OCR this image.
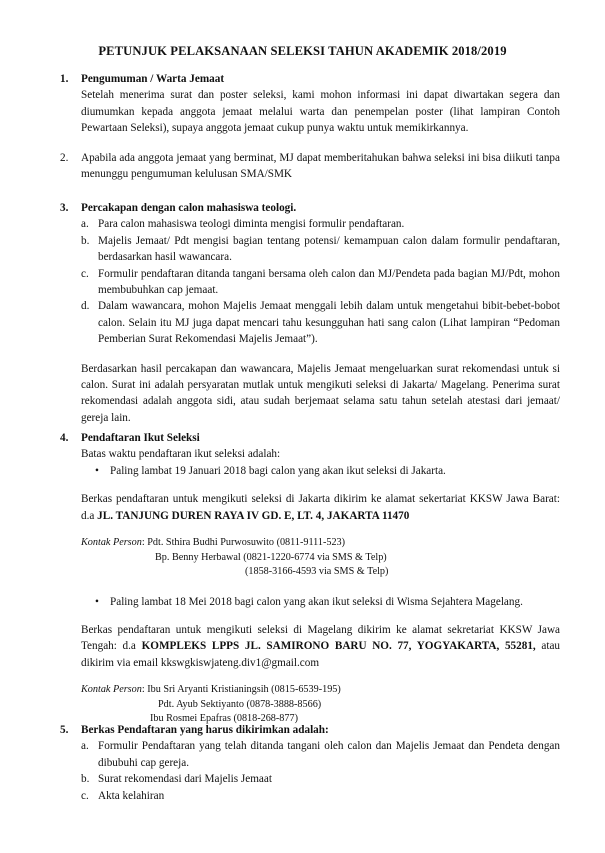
PETUNJUK PELAKSANAAN SELEKSI TAHUN AKADEMIK 2018/2019
1. Pengumuman / Warta Jemaat
Setelah menerima surat dan poster seleksi, kami mohon informasi ini dapat diwartakan segera dan diumumkan kepada anggota jemaat melalui warta dan penempelan poster (lihat lampiran Contoh Pewartaan Seleksi), supaya anggota jemaat cukup punya waktu untuk memikirkannya.
2. Apabila ada anggota jemaat yang berminat, MJ dapat memberitahukan bahwa seleksi ini bisa diikuti tanpa menunggu pengumuman kelulusan SMA/SMK
3. Percakapan dengan calon mahasiswa teologi.
a. Para calon mahasiswa teologi diminta mengisi formulir pendaftaran.
b. Majelis Jemaat/ Pdt mengisi bagian tentang potensi/ kemampuan calon dalam formulir pendaftaran, berdasarkan hasil wawancara.
c. Formulir pendaftaran ditanda tangani bersama oleh calon dan MJ/Pendeta pada bagian MJ/Pdt, mohon membubuhkan cap jemaat.
d. Dalam wawancara, mohon Majelis Jemaat menggali lebih dalam untuk mengetahui bibit-bebet-bobot calon. Selain itu MJ juga dapat mencari tahu kesungguhan hati sang calon (Lihat lampiran “Pedoman Pemberian Surat Rekomendasi Majelis Jemaat”).
Berdasarkan hasil percakapan dan wawancara, Majelis Jemaat mengeluarkan surat rekomendasi untuk si calon. Surat ini adalah persyaratan mutlak untuk mengikuti seleksi di Jakarta/ Magelang. Penerima surat rekomendasi adalah anggota sidi, atau sudah berjemaat selama satu tahun setelah atestasi dari jemaat/ gereja lain.
4. Pendaftaran Ikut Seleksi
Batas waktu pendaftaran ikut seleksi adalah:
• Paling lambat 19 Januari 2018 bagi calon yang akan ikut seleksi di Jakarta.
Berkas pendaftaran untuk mengikuti seleksi di Jakarta dikirim ke alamat sekertariat KKSW Jawa Barat: d.a JL. TANJUNG DUREN RAYA IV GD. E, LT. 4, JAKARTA 11470
Kontak Person: Pdt. Sthira Budhi Purwosuwito (0811-9111-523)
Bp. Benny Herbawal (0821-1220-6774 via SMS & Telp)
(1858-3166-4593 via SMS & Telp)
• Paling lambat 18 Mei 2018 bagi calon yang akan ikut seleksi di Wisma Sejahtera Magelang.
Berkas pendaftaran untuk mengikuti seleksi di Magelang dikirim ke alamat sekretariat KKSW Jawa Tengah: d.a KOMPLEKS LPPS JL. SAMIRONO BARU NO. 77, YOGYAKARTA, 55281, atau dikirim via email kkswgkiswjateng.div1@gmail.com
Kontak Person: Ibu Sri Aryanti Kristianingsih (0815-6539-195)
Pdt. Ayub Sektiyanto (0878-3888-8566)
Ibu Rosmei Epafras (0818-268-877)
5. Berkas Pendaftaran yang harus dikirimkan adalah:
a. Formulir Pendaftaran yang telah ditanda tangani oleh calon dan Majelis Jemaat dan Pendeta dengan dibubuhi cap gereja.
b. Surat rekomendasi dari Majelis Jemaat
c. Akta kelahiran
